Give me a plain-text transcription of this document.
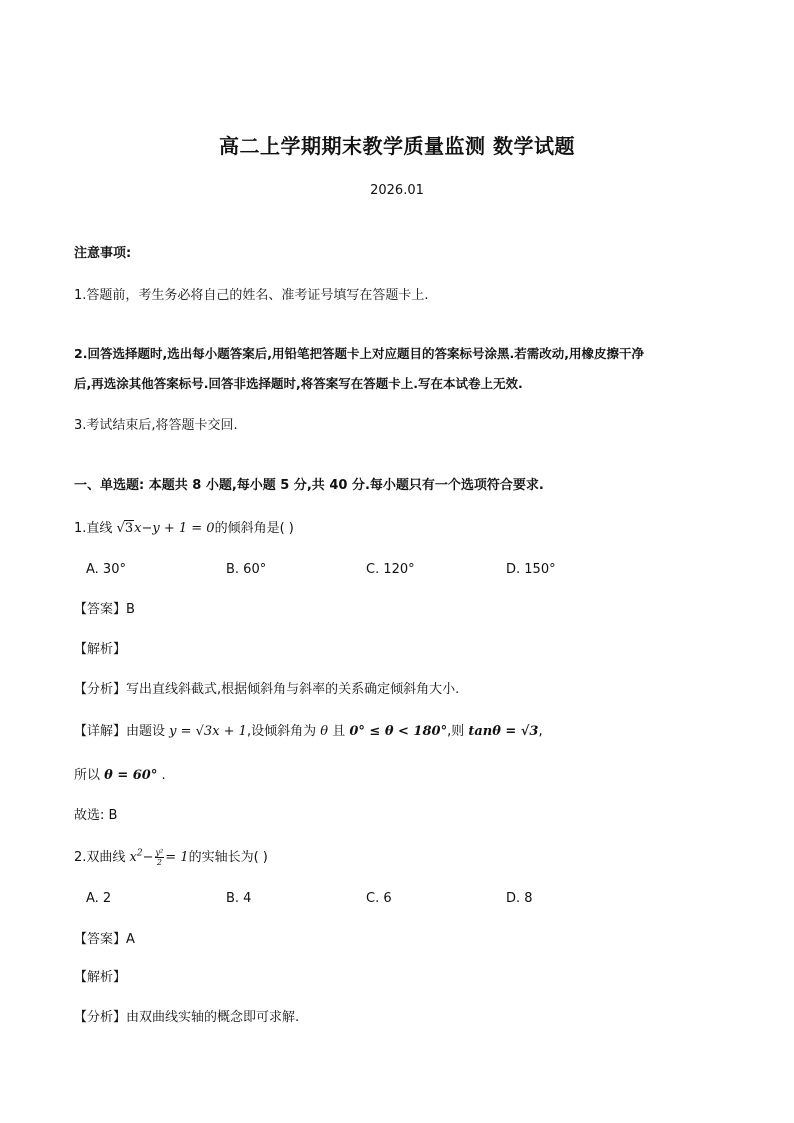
高二上学期期末教学质量监测 数学试题
2026.01
注意事项:
1.答题前，考生务必将自己的姓名、准考证号填写在答题卡上.
2.回答选择题时,选出每小题答案后,用铅笔把答题卡上对应题目的答案标号涂黑.若需改动,用橡皮擦干净
后,再选涂其他答案标号.回答非选择题时,将答案写在答题卡上.写在本试卷上无效.
3.考试结束后,将答题卡交回.
一、单选题: 本题共 8 小题,每小题 5 分,共 40 分.每小题只有一个选项符合要求.
1.直线 √3x−y + 1 = 0的倾斜角是( )
A. 30°	B. 60°	C. 120°	D. 150°
【答案】B
【解析】
【分析】写出直线斜截式,根据倾斜角与斜率的关系确定倾斜角大小.
【详解】由题设 y = √3x + 1,设倾斜角为 θ 且 0° ≤ θ < 180°,则 tanθ = √3,
所以 θ = 60° .
故选: B
2.双曲线 $x^2- \frac{\text{y²}}{2} = 1$的实轴长为( )
A. 2	B. 4	C. 6	D. 8
【答案】A
【解析】
【分析】由双曲线实轴的概念即可求解.
